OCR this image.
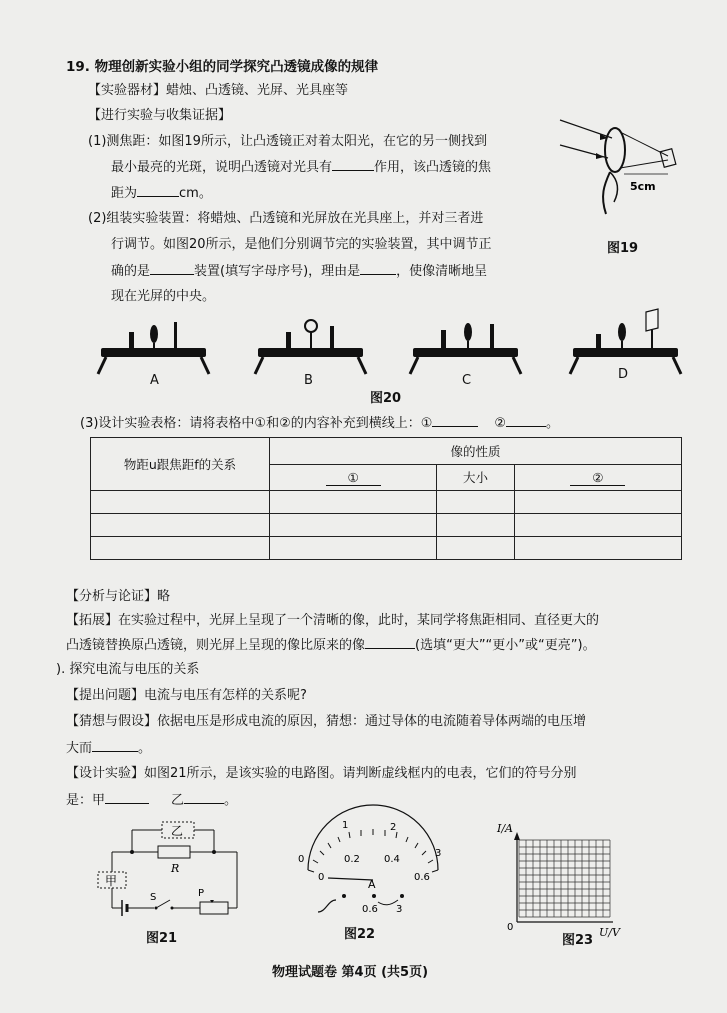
19. 物理创新实验小组的同学探究凸透镜成像的规律
【实验器材】蜡烛、凸透镜、光屏、光具座等
【进行实验与收集证据】
(1)测焦距：如图19所示，让凸透镜正对着太阳光，在它的另一侧找到
最小最亮的光斑，说明凸透镜对光具有	作用，该凸透镜的焦
距为	cm。	5cm
图19
(2)组装实验装置：将蜡烛、凸透镜和光屏放在光具座上，并对三者进
行调节。如图20所示，是他们分别调节完的实验装置，其中调节正
确的是	装置(填写字母序号)，理由是	，使像清晰地呈
现在光屏的中央。
A	B	C	D
图20
(3)设计实验表格：请将表格中①和②的内容补充到横线上：①	②	。
物距u跟焦距f的关系	像的性质		
	①	大小	②

【分析与论证】略
【拓展】在实验过程中，光屏上呈现了一个清晰的像，此时，某同学将焦距相同、直径更大的
凸透镜替换原凸透镜，则光屏上呈现的像比原来的像	(选填“更大”“更小”或“更亮”)。
). 探究电流与电压的关系
【提出问题】电流与电压有怎样的关系呢?
【猜想与假设】依据电压是形成电流的原因，猜想：通过导体的电流随着导体两端的电压增
大而	。
【设计实验】如图21所示，是该实验的电路图。请判断虚线框内的电表，它们的符号分别
是：甲	乙	。
乙
R
甲
S	P
图21
0
1	2
3
0
0.2 0.4
0.6
A
0.6 3
图22
I/A
0	U/V
图23
物理试题卷 第4页 (共5页)
